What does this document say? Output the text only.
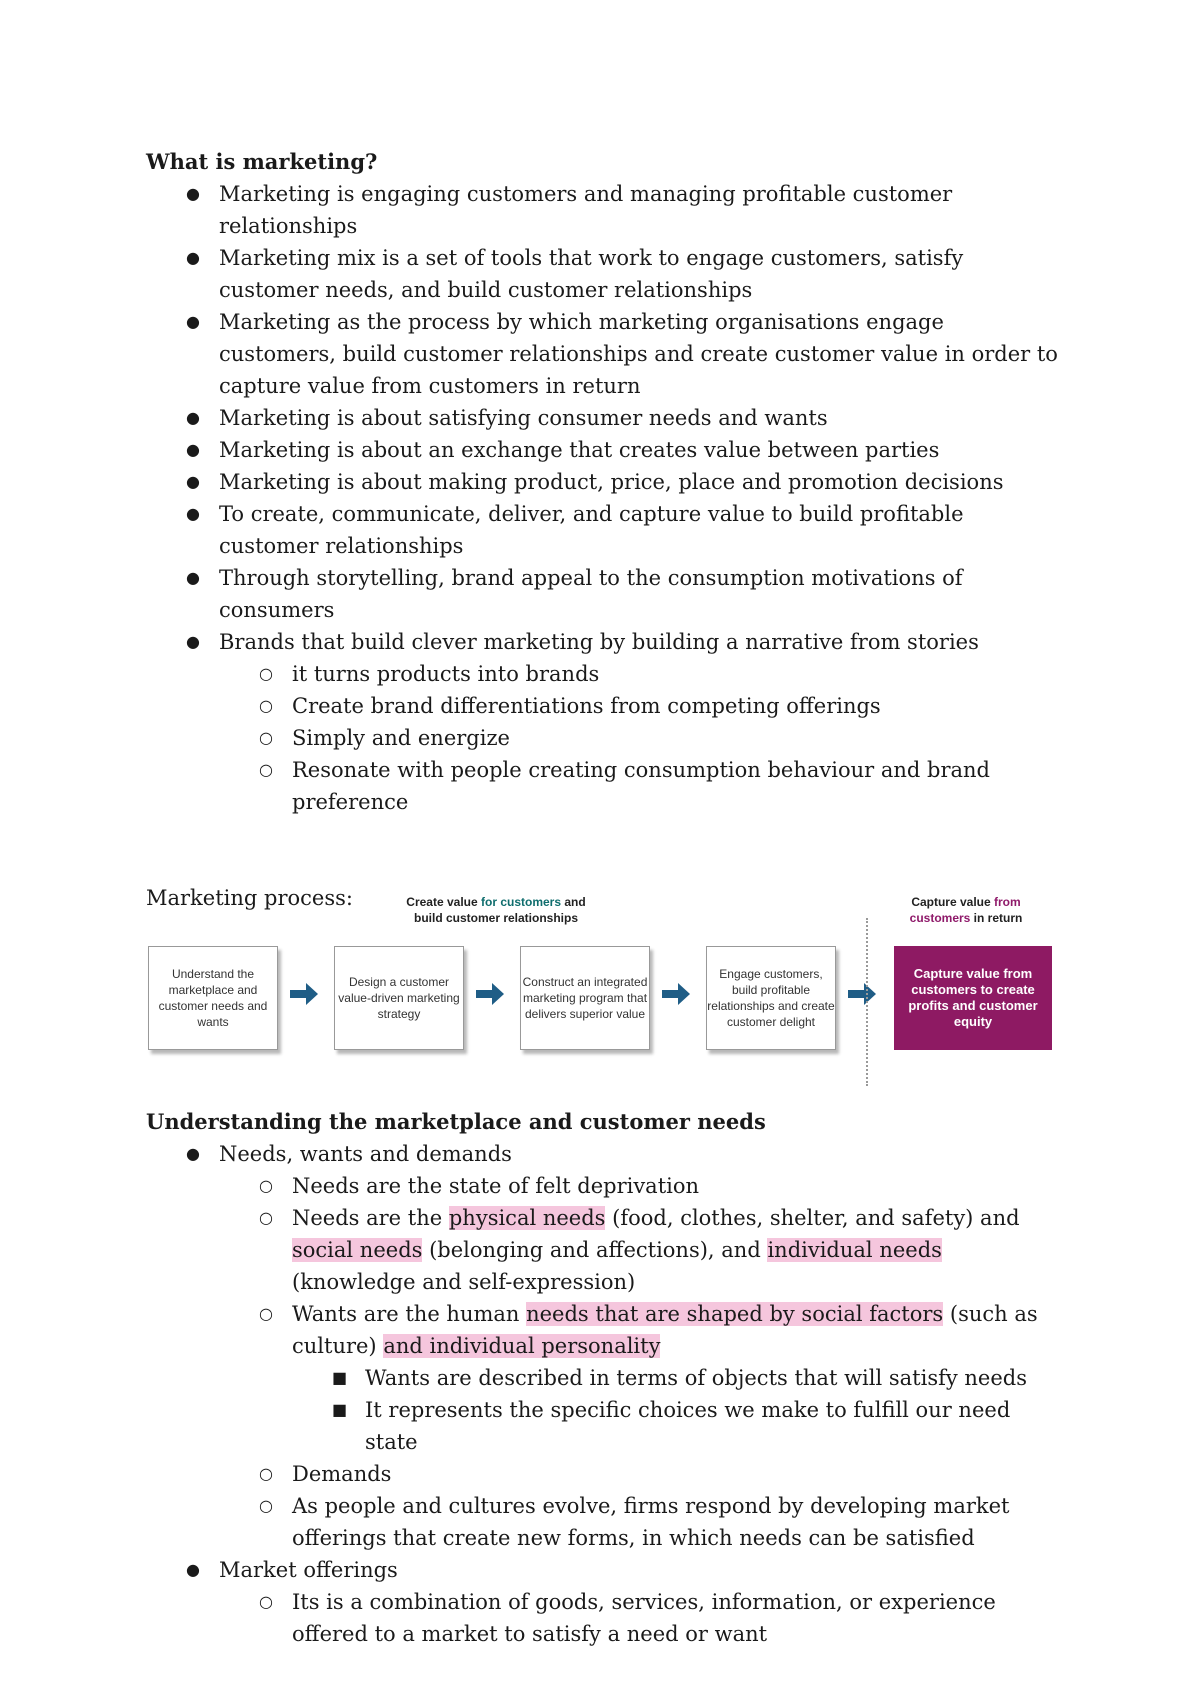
What is marketing?
● Marketing is engaging customers and managing profitable customer relationships
● Marketing mix is a set of tools that work to engage customers, satisfy customer needs, and build customer relationships
● Marketing as the process by which marketing organisations engage customers, build customer relationships and create customer value in order to capture value from customers in return
● Marketing is about satisfying consumer needs and wants
● Marketing is about an exchange that creates value between parties
● Marketing is about making product, price, place and promotion decisions
● To create, communicate, deliver, and capture value to build profitable customer relationships
● Through storytelling, brand appeal to the consumption motivations of consumers
● Brands that build clever marketing by building a narrative from stories
○ it turns products into brands
○ Create brand differentiations from competing offerings
○ Simply and energize
○ Resonate with people creating consumption behaviour and brand preference
Marketing process:	Create value for customers and
build customer relationships
Capture value from
customers in return
Understand the marketplace and customer needs and wants
Design a customer value-driven marketing strategy
Construct an integrated marketing program that delivers superior value
Engage customers, build profitable relationships and create customer delight
Capture value from customers to create profits and customer equity
Understanding the marketplace and customer needs
● Needs, wants and demands
○ Needs are the state of felt deprivation
○ Needs are the physical needs (food, clothes, shelter, and safety) and social needs (belonging and affections), and individual needs (knowledge and self-expression)
○ Wants are the human needs that are shaped by social factors (such as culture) and individual personality
■ Wants are described in terms of objects that will satisfy needs
■ It represents the specific choices we make to fulfill our need state
○ Demands
○ As people and cultures evolve, firms respond by developing market offerings that create new forms, in which needs can be satisfied
● Market offerings
○ Its is a combination of goods, services, information, or experience offered to a market to satisfy a need or want
